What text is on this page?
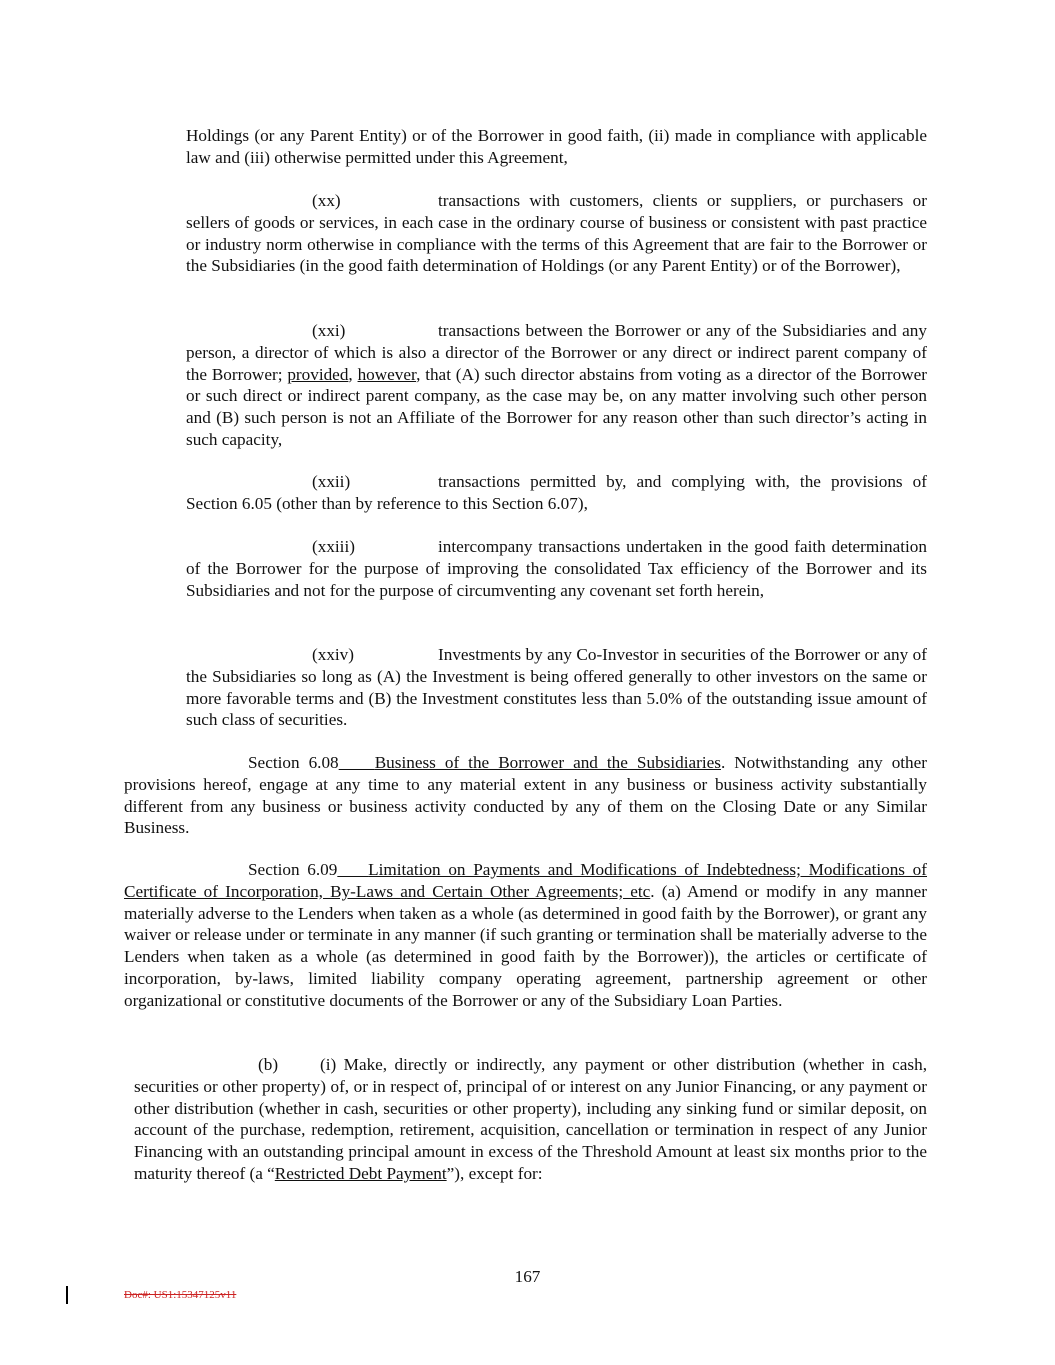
Holdings (or any Parent Entity) or of the Borrower in good faith, (ii) made in compliance with applicable law and (iii) otherwise permitted under this Agreement,

(xx)	transactions with customers, clients or suppliers, or purchasers or sellers of goods or services, in each case in the ordinary course of business or consistent with past practice or industry norm otherwise in compliance with the terms of this Agreement that are fair to the Borrower or the Subsidiaries (in the good faith determination of Holdings (or any Parent Entity) or of the Borrower),

(xxi)	transactions between the Borrower or any of the Subsidiaries and any person, a director of which is also a director of the Borrower or any direct or indirect parent company of the Borrower; provided, however, that (A) such director abstains from voting as a director of the Borrower or such direct or indirect parent company, as the case may be, on any matter involving such other person and (B) such person is not an Affiliate of the Borrower for any reason other than such director’s acting in such capacity,

(xxii)	transactions permitted by, and complying with, the provisions of Section 6.05 (other than by reference to this Section 6.07),

(xxiii)	intercompany transactions undertaken in the good faith determination of the Borrower for the purpose of improving the consolidated Tax efficiency of the Borrower and its Subsidiaries and not for the purpose of circumventing any covenant set forth herein,

(xxiv)	Investments by any Co-Investor in securities of the Borrower or any of the Subsidiaries so long as (A) the Investment is being offered generally to other investors on the same or more favorable terms and (B) the Investment constitutes less than 5.0% of the outstanding issue amount of such class of securities.

Section 6.08 Business of the Borrower and the Subsidiaries. Notwithstanding any other provisions hereof, engage at any time to any material extent in any business or business activity substantially different from any business or business activity conducted by any of them on the Closing Date or any Similar Business.

Section 6.09 Limitation on Payments and Modifications of Indebtedness; Modifications of Certificate of Incorporation, By-Laws and Certain Other Agreements; etc. (a) Amend or modify in any manner materially adverse to the Lenders when taken as a whole (as determined in good faith by the Borrower), or grant any waiver or release under or terminate in any manner (if such granting or termination shall be materially adverse to the Lenders when taken as a whole (as determined in good faith by the Borrower)), the articles or certificate of incorporation, by-laws, limited liability company operating agreement, partnership agreement or other organizational or constitutive documents of the Borrower or any of the Subsidiary Loan Parties.

(b) (i) Make, directly or indirectly, any payment or other distribution (whether in cash, securities or other property) of, or in respect of, principal of or interest on any Junior Financing, or any payment or other distribution (whether in cash, securities or other property), including any sinking fund or similar deposit, on account of the purchase, redemption, retirement, acquisition, cancellation or termination in respect of any Junior Financing with an outstanding principal amount in excess of the Threshold Amount at least six months prior to the maturity thereof (a “Restricted Debt Payment”), except for:

167
Doc#: US1:15347125v11
